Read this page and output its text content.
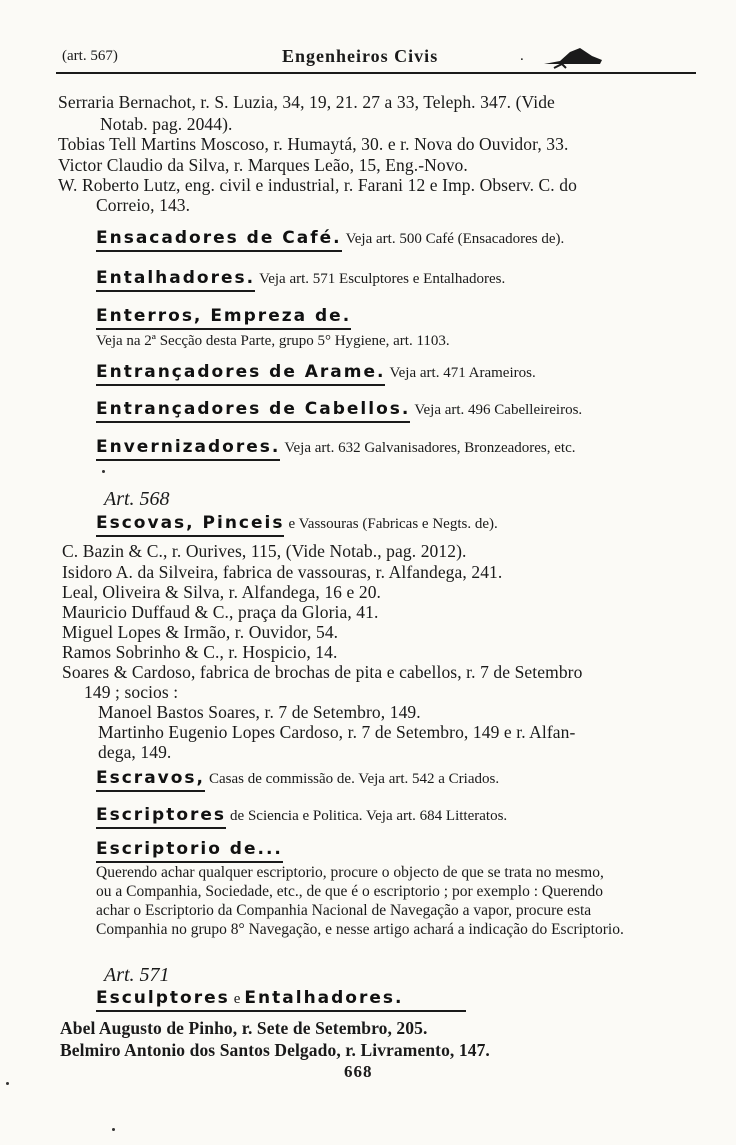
(art. 567)	Engenheiros Civis	.
Serraria Bernachot, r. S. Luzia, 34, 19, 21. 27 a 33, Teleph. 347. (Vide
Notab. pag. 2044).
Tobias Tell Martins Moscoso, r. Humaytá, 30. e r. Nova do Ouvidor, 33.
Victor Claudio da Silva, r. Marques Leão, 15, Eng.-Novo.
W. Roberto Lutz, eng. civil e industrial, r. Farani 12 e Imp. Observ. C. do
Correio, 143.
Ensacadores de Café. Veja art. 500 Café (Ensacadores de).
Entalhadores. Veja art. 571 Esculptores e Entalhadores.
Enterros, Empreza de.
Veja na 2ª Secção desta Parte, grupo 5° Hygiene, art. 1103.
Entrançadores de Arame. Veja art. 471 Arameiros.
Entrançadores de Cabellos. Veja art. 496 Cabelleireiros.
Envernizadores. Veja art. 632 Galvanisadores, Bronzeadores, etc.
Art. 568
Escovas, Pinceis e Vassouras (Fabricas e Negts. de).
C. Bazin & C., r. Ourives, 115, (Vide Notab., pag. 2012).
Isidoro A. da Silveira, fabrica de vassouras, r. Alfandega, 241.
Leal, Oliveira & Silva, r. Alfandega, 16 e 20.
Mauricio Duffaud & C., praça da Gloria, 41.
Miguel Lopes & Irmão, r. Ouvidor, 54.
Ramos Sobrinho & C., r. Hospicio, 14.
Soares & Cardoso, fabrica de brochas de pita e cabellos, r. 7 de Setembro
149 ; socios :
Manoel Bastos Soares, r. 7 de Setembro, 149.
Martinho Eugenio Lopes Cardoso, r. 7 de Setembro, 149 e r. Alfan-
dega, 149.
Escravos, Casas de commissão de. Veja art. 542 a Criados.
Escriptores de Sciencia e Politica. Veja art. 684 Litteratos.
Escriptorio de...
Querendo achar qualquer escriptorio, procure o objecto de que se trata no mesmo,
ou a Companhia, Sociedade, etc., de que é o escriptorio ; por exemplo : Querendo
achar o Escriptorio da Companhia Nacional de Navegação a vapor, procure esta
Companhia no grupo 8° Navegação, e nesse artigo achará a indicação do Escriptorio.
Art. 571
Esculptores e Entalhadores.
Abel Augusto de Pinho, r. Sete de Setembro, 205.
Belmiro Antonio dos Santos Delgado, r. Livramento, 147.
668
